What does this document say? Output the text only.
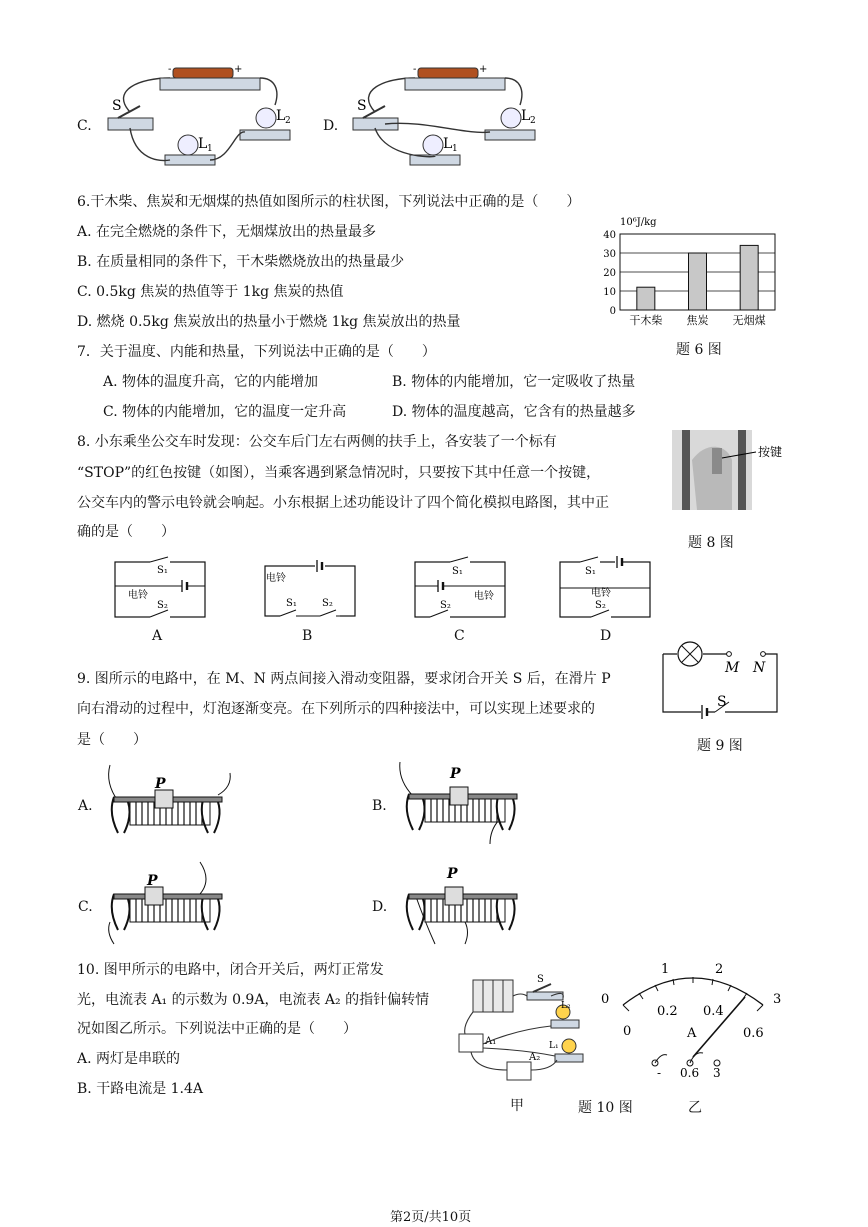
C.
-	+
S
L 1
L 2 D.
-	+
S
L 1
L 2
6.干木柴、焦炭和无烟煤的热值如图所示的柱状图，下列说法中正确的是（　　）
A. 在完全燃烧的条件下，无烟煤放出的热量最多
B. 在质量相同的条件下，干木柴燃烧放出的热量最少
C. 0.5kg 焦炭的热值等于 1kg 焦炭的热值
D. 燃烧 0.5kg 焦炭放出的热量小于燃烧 1kg 焦炭放出的热量
10⁶J/kg
0
10
20
30
40
干木柴 焦炭 无烟煤
题 6 图
7．关于温度、内能和热量，下列说法中正确的是（　　）
A. 物体的温度升高，它的内能增加	B. 物体的内能增加，它一定吸收了热量
C. 物体的内能增加，它的温度一定升高	D. 物体的温度越高，它含有的热量越多
8. 小东乘坐公交车时发现：公交车后门左右两侧的扶手上，各安装了一个标有
“STOP”的红色按键（如图），当乘客遇到紧急情况时，只要按下其中任意一个按键，
公交车内的警示电铃就会响起。小东根据上述功能设计了四个简化模拟电路图，其中正
确的是（　　）
按键
题 8 图
S₁
S₂
电铃
A
电铃
S₁	S₂
B
S₁
S₂
电铃
C
S₁
电铃
S₂
D
9. 图所示的电路中，在 M、N 两点间接入滑动变阻器，要求闭合开关 S 后，在滑片 P
向右滑动的过程中，灯泡逐渐变亮。在下列所示的四种接法中，可以实现上述要求的
是（　　）
M N
S
题 9 图
A.
P
B.
P
C.
P
D.
P
10. 图甲所示的电路中，闭合开关后，两灯正常发
光，电流表 A₁ 的示数为 0.9A，电流表 A₂ 的指针偏转情
况如图乙所示。下列说法中正确的是（　　）
A. 两灯是串联的
B. 干路电流是 1.4A
S
L₂
L₁
A₁
A₂
甲	题 10 图
0
1	2
3
0
0.2 0.4
0.6
A
- 0.6 3
乙
第2页/共10页
